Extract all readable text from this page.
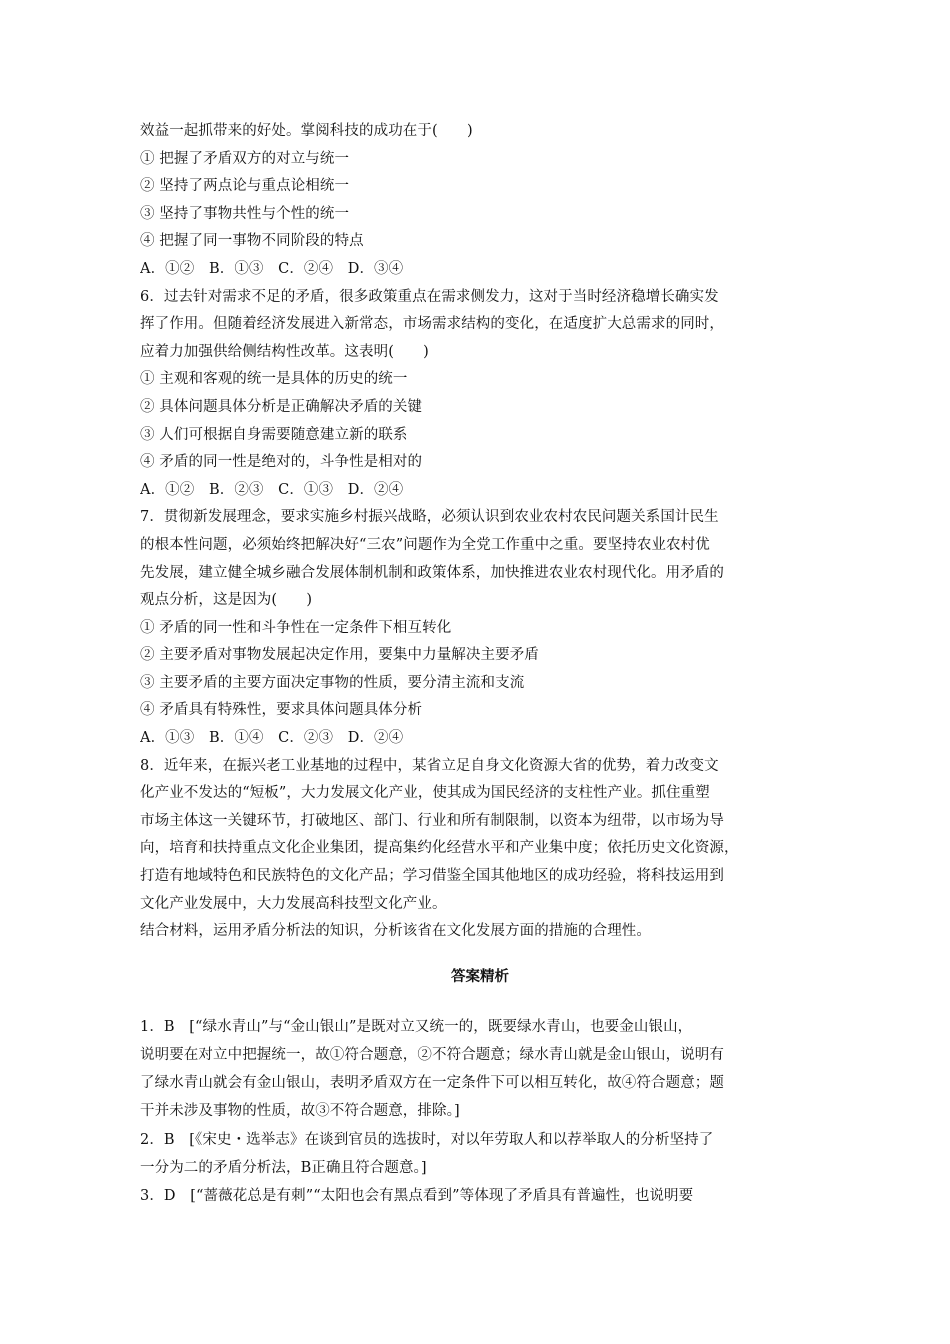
效益一起抓带来的好处。掌阅科技的成功在于(　　)
① 把握了矛盾双方的对立与统一
② 坚持了两点论与重点论相统一
③ 坚持了事物共性与个性的统一
④ 把握了同一事物不同阶段的特点
A．①②　B．①③　C．②④　D．③④
6．过去针对需求不足的矛盾，很多政策重点在需求侧发力，这对于当时经济稳增长确实发
挥了作用。但随着经济发展进入新常态，市场需求结构的变化，在适度扩大总需求的同时，
应着力加强供给侧结构性改革。这表明(　　)
① 主观和客观的统一是具体的历史的统一
② 具体问题具体分析是正确解决矛盾的关键
③ 人们可根据自身需要随意建立新的联系
④ 矛盾的同一性是绝对的，斗争性是相对的
A．①②　B．②③　C．①③　D．②④
7．贯彻新发展理念，要求实施乡村振兴战略，必须认识到农业农村农民问题关系国计民生
的根本性问题，必须始终把解决好“三农”问题作为全党工作重中之重。要坚持农业农村优
先发展，建立健全城乡融合发展体制机制和政策体系，加快推进农业农村现代化。用矛盾的
观点分析，这是因为(　　)
① 矛盾的同一性和斗争性在一定条件下相互转化
② 主要矛盾对事物发展起决定作用，要集中力量解决主要矛盾
③ 主要矛盾的主要方面决定事物的性质，要分清主流和支流
④ 矛盾具有特殊性，要求具体问题具体分析
A．①③　B．①④　C．②③　D．②④
8．近年来，在振兴老工业基地的过程中，某省立足自身文化资源大省的优势，着力改变文
化产业不发达的“短板”，大力发展文化产业，使其成为国民经济的支柱性产业。抓住重塑
市场主体这一关键环节，打破地区、部门、行业和所有制限制，以资本为纽带，以市场为导
向，培育和扶持重点文化企业集团，提高集约化经营水平和产业集中度；依托历史文化资源，
打造有地域特色和民族特色的文化产品；学习借鉴全国其他地区的成功经验，将科技运用到
文化产业发展中，大力发展高科技型文化产业。
结合材料，运用矛盾分析法的知识，分析该省在文化发展方面的措施的合理性。
答案精析
1．B　[“绿水青山”与“金山银山”是既对立又统一的，既要绿水青山，也要金山银山，
说明要在对立中把握统一，故①符合题意，②不符合题意；绿水青山就是金山银山，说明有
了绿水青山就会有金山银山，表明矛盾双方在一定条件下可以相互转化，故④符合题意；题
干并未涉及事物的性质，故③不符合题意，排除。]
2．B　[《宋史・选举志》在谈到官员的选拔时，对以年劳取人和以荐举取人的分析坚持了
一分为二的矛盾分析法，B正确且符合题意。]
3．D　[“蔷薇花总是有刺”“太阳也会有黑点看到”等体现了矛盾具有普遍性，也说明要
